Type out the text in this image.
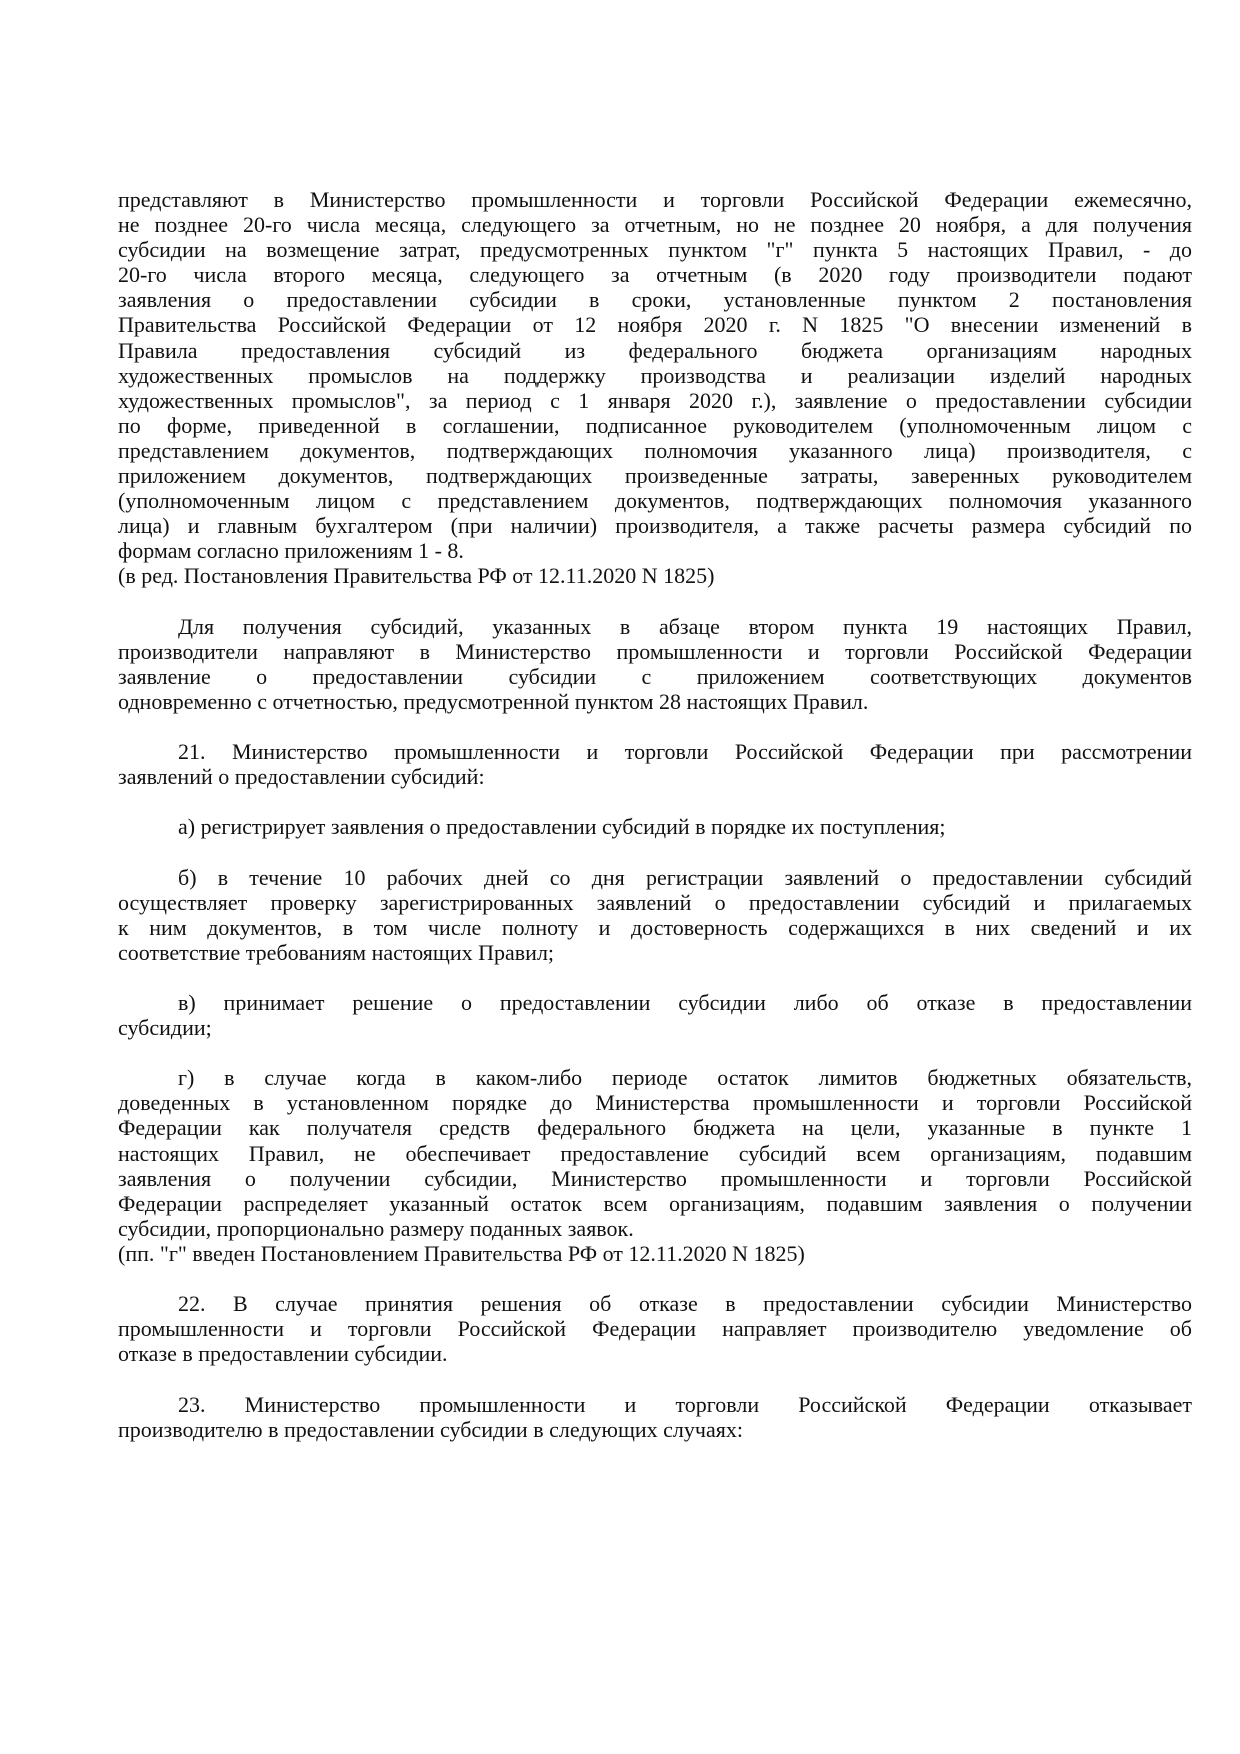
представляют в Министерство промышленности и торговли Российской Федерации ежемесячно,
не позднее 20-го числа месяца, следующего за отчетным, но не позднее 20 ноября, а для получения
субсидии на возмещение затрат, предусмотренных пунктом "г" пункта 5 настоящих Правил, - до
20-го числа второго месяца, следующего за отчетным (в 2020 году производители подают
заявления о предоставлении субсидии в сроки, установленные пунктом 2 постановления
Правительства Российской Федерации от 12 ноября 2020 г. N 1825 "О внесении изменений в
Правила предоставления субсидий из федерального бюджета организациям народных
художественных промыслов на поддержку производства и реализации изделий народных
художественных промыслов", за период с 1 января 2020 г.), заявление о предоставлении субсидии
по форме, приведенной в соглашении, подписанное руководителем (уполномоченным лицом с
представлением документов, подтверждающих полномочия указанного лица) производителя, с
приложением документов, подтверждающих произведенные затраты, заверенных руководителем
(уполномоченным лицом с представлением документов, подтверждающих полномочия указанного
лица) и главным бухгалтером (при наличии) производителя, а также расчеты размера субсидий по
формам согласно приложениям 1 - 8.
(в ред. Постановления Правительства РФ от 12.11.2020 N 1825)
Для получения субсидий, указанных в абзаце втором пункта 19 настоящих Правил,
производители направляют в Министерство промышленности и торговли Российской Федерации
заявление о предоставлении субсидии с приложением соответствующих документов
одновременно с отчетностью, предусмотренной пунктом 28 настоящих Правил.
21. Министерство промышленности и торговли Российской Федерации при рассмотрении
заявлений о предоставлении субсидий:
а) регистрирует заявления о предоставлении субсидий в порядке их поступления;
б) в течение 10 рабочих дней со дня регистрации заявлений о предоставлении субсидий
осуществляет проверку зарегистрированных заявлений о предоставлении субсидий и прилагаемых
к ним документов, в том числе полноту и достоверность содержащихся в них сведений и их
соответствие требованиям настоящих Правил;
в) принимает решение о предоставлении субсидии либо об отказе в предоставлении
субсидии;
г) в случае когда в каком-либо периоде остаток лимитов бюджетных обязательств,
доведенных в установленном порядке до Министерства промышленности и торговли Российской
Федерации как получателя средств федерального бюджета на цели, указанные в пункте 1
настоящих Правил, не обеспечивает предоставление субсидий всем организациям, подавшим
заявления о получении субсидии, Министерство промышленности и торговли Российской
Федерации распределяет указанный остаток всем организациям, подавшим заявления о получении
субсидии, пропорционально размеру поданных заявок.
(пп. "г" введен Постановлением Правительства РФ от 12.11.2020 N 1825)
22. В случае принятия решения об отказе в предоставлении субсидии Министерство
промышленности и торговли Российской Федерации направляет производителю уведомление об
отказе в предоставлении субсидии.
23. Министерство промышленности и торговли Российской Федерации отказывает
производителю в предоставлении субсидии в следующих случаях:
